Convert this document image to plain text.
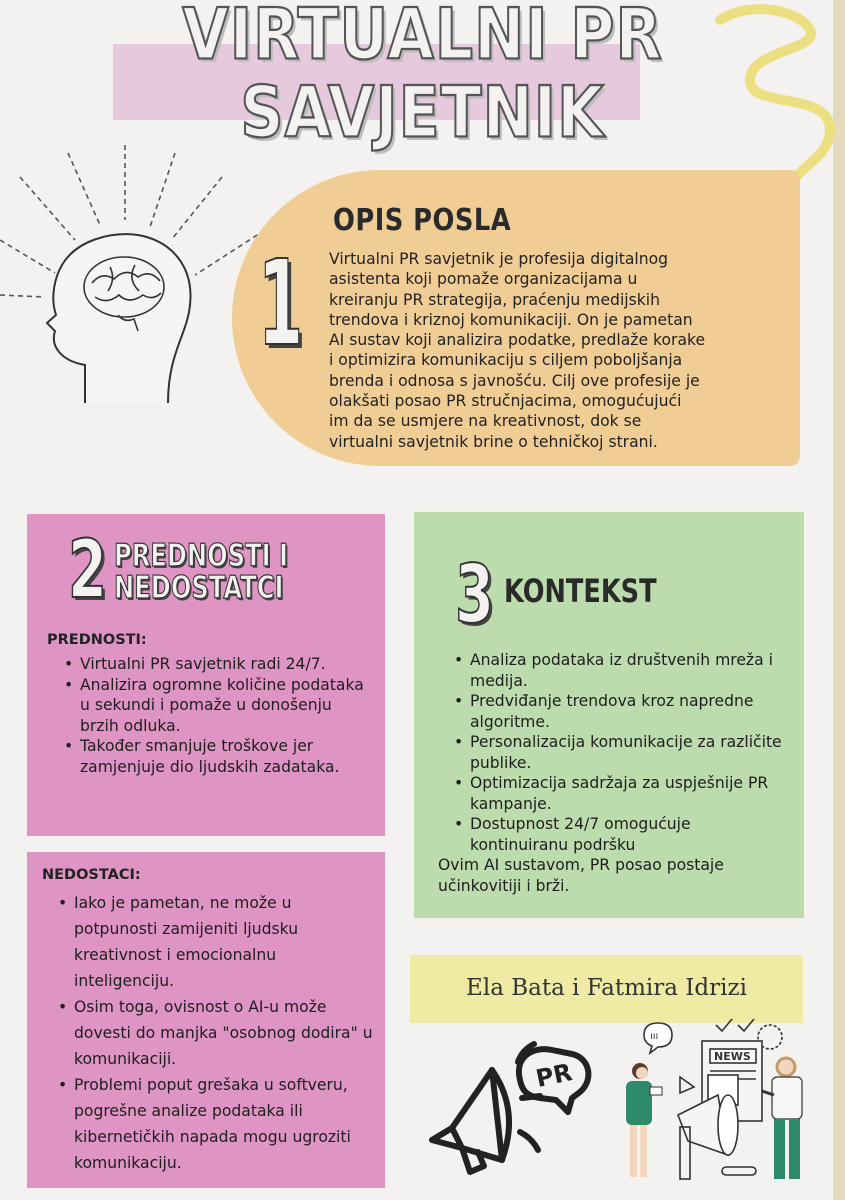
VIRTUALNI PR
SAVJETNIK
1
OPIS POSLA
Virtualni PR savjetnik je profesija digitalnog
asistenta koji pomaže organizacijama u
kreiranju PR strategija, praćenju medijskih
trendova i kriznoj komunikaciji. On je pametan
AI sustav koji analizira podatke, predlaže korake
i optimizira komunikaciju s ciljem poboljšanja
brenda i odnosa s javnošću. Cilj ove profesije je
olakšati posao PR stručnjacima, omogućujući
im da se usmjere na kreativnost, dok se
virtualni savjetnik brine o tehničkoj strani.
2 PREDNOSTI I
NEDOSTATCI
PREDNOSTI:
• Virtualni PR savjetnik radi 24/7.
• Analizira ogromne količine podataka u sekundi i pomaže u donošenju brzih odluka.
• Također smanjuje troškove jer zamjenjuje dio ljudskih zadataka.
NEDOSTACI:
• Iako je pametan, ne može u potpunosti zamijeniti ljudsku kreativnost i emocionalnu inteligenciju.
• Osim toga, ovisnost o AI-u može dovesti do manjka "osobnog dodira" u komunikaciji.
• Problemi poput grešaka u softveru, pogrešne analize podataka ili kibernetičkih napada mogu ugroziti komunikaciju.
3 KONTEKST
• Analiza podataka iz društvenih mreža i medija.
• Predviđanje trendova kroz napredne algoritme.
• Personalizacija komunikacije za različite publike.
• Optimizacija sadržaja za uspješnije PR kampanje.
• Dostupnost 24/7 omogućuje kontinuiranu podršku
Ovim AI sustavom, PR posao postaje učinkovitiji i brži.
Ela Bata i Fatmira Idrizi
PR
NEWS
ııı
